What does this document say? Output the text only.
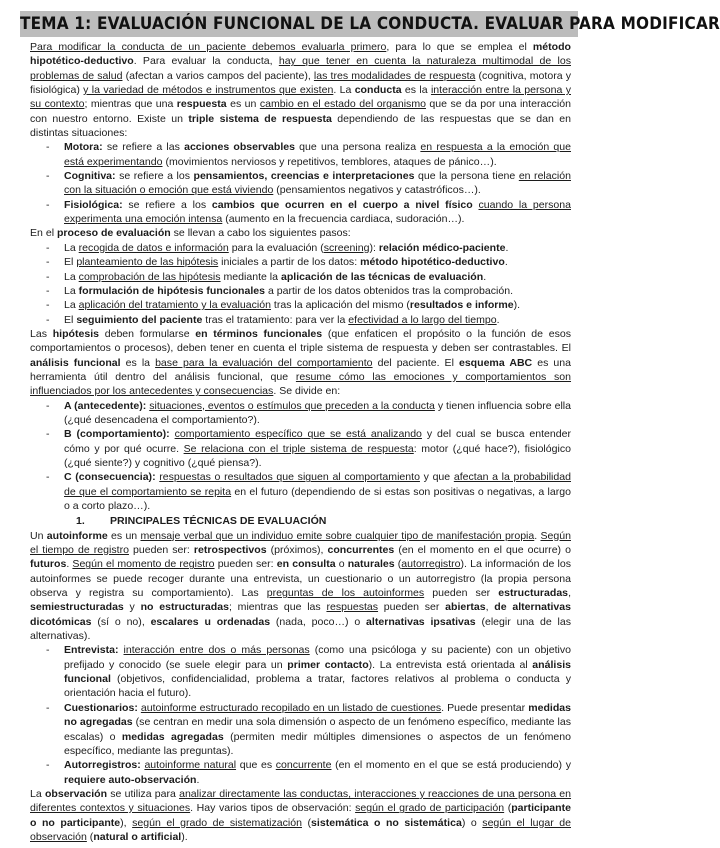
TEMA 1: EVALUACIÓN FUNCIONAL DE LA CONDUCTA. EVALUAR PARA MODIFICAR

Para modificar la conducta de un paciente debemos evaluarla primero, para lo que se emplea el método hipotético-deductivo. Para evaluar la conducta, hay que tener en cuenta la naturaleza multimodal de los problemas de salud (afectan a varios campos del paciente), las tres modalidades de respuesta (cognitiva, motora y fisiológica) y la variedad de métodos e instrumentos que existen. La conducta es la interacción entre la persona y su contexto; mientras que una respuesta es un cambio en el estado del organismo que se da por una interacción con nuestro entorno. Existe un triple sistema de respuesta dependiendo de las respuestas que se dan en distintas situaciones:

- Motora: se refiere a las acciones observables que una persona realiza en respuesta a la emoción que está experimentando (movimientos nerviosos y repetitivos, temblores, ataques de pánico…).
- Cognitiva: se refiere a los pensamientos, creencias e interpretaciones que la persona tiene en relación con la situación o emoción que está viviendo (pensamientos negativos y catastróficos…).
- Fisiológica: se refiere a los cambios que ocurren en el cuerpo a nivel físico cuando la persona experimenta una emoción intensa (aumento en la frecuencia cardiaca, sudoración…).

En el proceso de evaluación se llevan a cabo los siguientes pasos:

- La recogida de datos e información para la evaluación (screening): relación médico-paciente.
- El planteamiento de las hipótesis iniciales a partir de los datos: método hipotético-deductivo.
- La comprobación de las hipótesis mediante la aplicación de las técnicas de evaluación.
- La formulación de hipótesis funcionales a partir de los datos obtenidos tras la comprobación.
- La aplicación del tratamiento y la evaluación tras la aplicación del mismo (resultados e informe).
- El seguimiento del paciente tras el tratamiento: para ver la efectividad a lo largo del tiempo.

Las hipótesis deben formularse en términos funcionales (que enfaticen el propósito o la función de esos comportamientos o procesos), deben tener en cuenta el triple sistema de respuesta y deben ser contrastables. El análisis funcional es la base para la evaluación del comportamiento del paciente. El esquema ABC es una herramienta útil dentro del análisis funcional, que resume cómo las emociones y comportamientos son influenciados por los antecedentes y consecuencias. Se divide en:

- A (antecedente): situaciones, eventos o estímulos que preceden a la conducta y tienen influencia sobre ella (¿qué desencadena el comportamiento?).
- B (comportamiento): comportamiento específico que se está analizando y del cual se busca entender cómo y por qué ocurre. Se relaciona con el triple sistema de respuesta: motor (¿qué hace?), fisiológico (¿qué siente?) y cognitivo (¿qué piensa?).
- C (consecuencia): respuestas o resultados que siguen al comportamiento y que afectan a la probabilidad de que el comportamiento se repita en el futuro (dependiendo de si estas son positivas o negativas, a largo o a corto plazo…).
1. PRINCIPALES TÉCNICAS DE EVALUACIÓN

Un autoinforme es un mensaje verbal que un individuo emite sobre cualquier tipo de manifestación propia. Según el tiempo de registro pueden ser: retrospectivos (próximos), concurrentes (en el momento en el que ocurre) o futuros. Según el momento de registro pueden ser: en consulta o naturales (autorregistro). La información de los autoinformes se puede recoger durante una entrevista, un cuestionario o un autorregistro (la propia persona observa y registra su comportamiento). Las preguntas de los autoinformes pueden ser estructuradas, semiestructuradas y no estructuradas; mientras que las respuestas pueden ser abiertas, de alternativas dicotómicas (sí o no), escalares u ordenadas (nada, poco…) o alternativas ipsativas (elegir una de las alternativas).

- Entrevista: interacción entre dos o más personas (como una psicóloga y su paciente) con un objetivo prefijado y conocido (se suele elegir para un primer contacto). La entrevista está orientada al análisis funcional (objetivos, confidencialidad, problema a tratar, factores relativos al problema o conducta y orientación hacia el futuro).
- Cuestionarios: autoinforme estructurado recopilado en un listado de cuestiones. Puede presentar medidas no agregadas (se centran en medir una sola dimensión o aspecto de un fenómeno específico, mediante las escalas) o medidas agregadas (permiten medir múltiples dimensiones o aspectos de un fenómeno específico, mediante las preguntas).
- Autorregistros: autoinforme natural que es concurrente (en el momento en el que se está produciendo) y requiere auto-observación.

La observación se utiliza para analizar directamente las conductas, interacciones y reacciones de una persona en diferentes contextos y situaciones. Hay varios tipos de observación: según el grado de participación (participante o no participante), según el grado de sistematización (sistemática o no sistemática) o según el lugar de observación (natural o artificial).
